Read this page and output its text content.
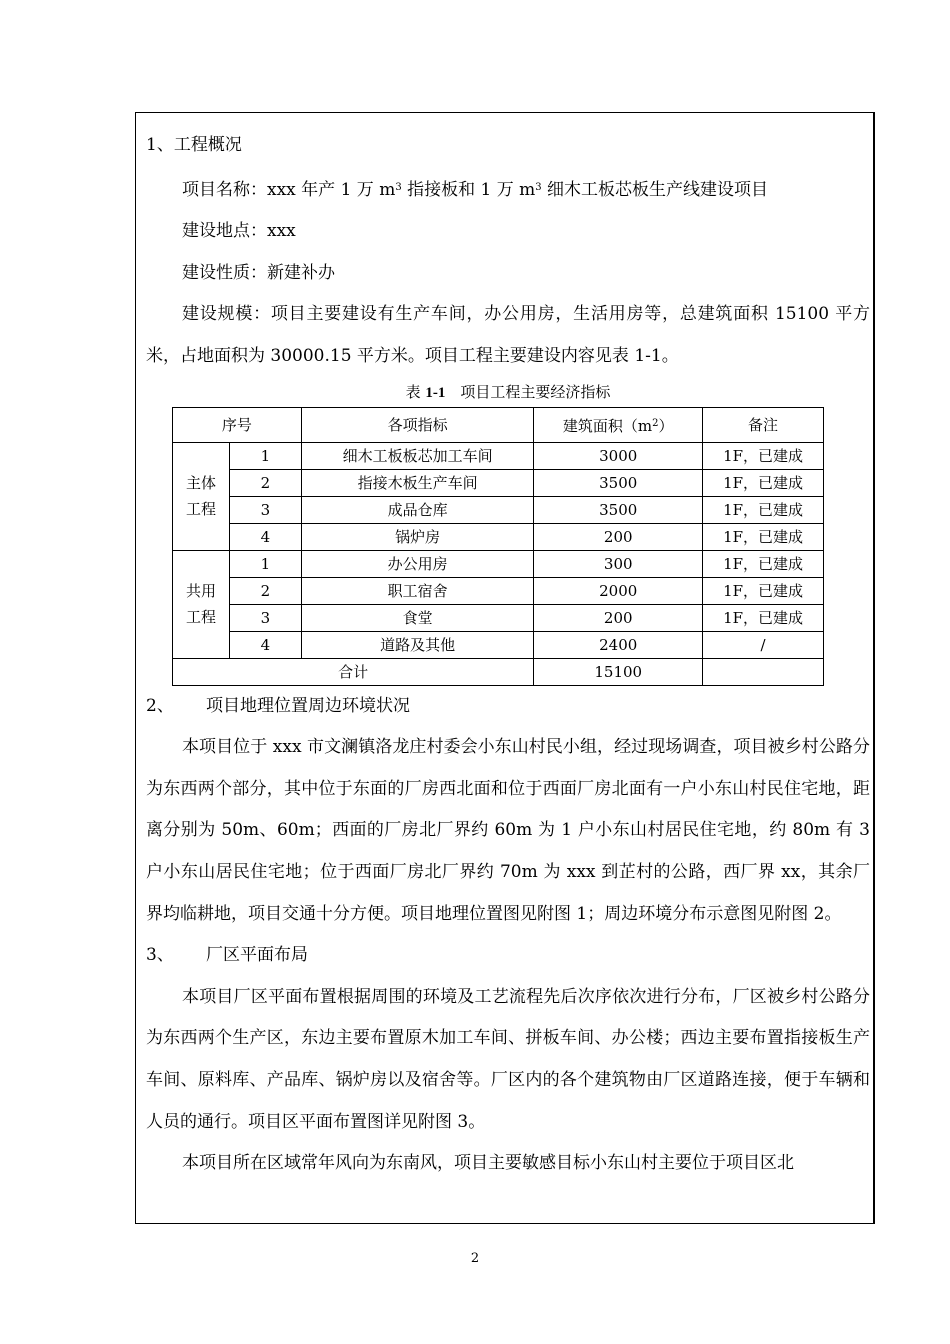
1、工程概况

项目名称：xxx 年产 1 万 $m^3$ 指接板和 1 万 $m^3$ 细木工板芯板生产线建设项目

建设地点：xxx

建设性质：新建补办

建设规模：项目主要建设有生产车间，办公用房，生活用房等，总建筑面积 15100 平方米，占地面积为 30000.15 平方米。项目工程主要建设内容见表 1-1。

表 1-1　项目工程主要经济指标
序号		各项指标	建筑面积$(m^2)$	备注
主体
工程	1	细木工板板芯加工车间	3000	1F，已建成
	2	指接木板生产车间	3500	1F，已建成
	3	成品仓库	3500	1F，已建成
	4	锅炉房	200	1F，已建成
共用
工程	1	办公用房	300	1F，已建成
	2	职工宿舍	2000	1F，已建成
	3	食堂	200	1F，已建成
	4	道路及其他	2400	/
合计			15100	

2、 项目地理位置周边环境状况

本项目位于 xxx 市文澜镇洛龙庄村委会小东山村民小组，经过现场调查，项目被乡村公路分为东西两个部分，其中位于东面的厂房西北面和位于西面厂房北面有一户小东山村民住宅地，距离分别为 50m、60m；西面的厂房北厂界约 60m 为 1 户小东山村居民住宅地，约 80m 有 3 户小东山居民住宅地；位于西面厂房北厂界约 70m 为 xxx 到芷村的公路，西厂界 xx，其余厂界均临耕地，项目交通十分方便。项目地理位置图见附图 1；周边环境分布示意图见附图 2。

3、 厂区平面布局

本项目厂区平面布置根据周围的环境及工艺流程先后次序依次进行分布，厂区被乡村公路分为东西两个生产区，东边主要布置原木加工车间、拼板车间、办公楼；西边主要布置指接板生产车间、原料库、产品库、锅炉房以及宿舍等。厂区内的各个建筑物由厂区道路连接，便于车辆和人员的通行。项目区平面布置图详见附图 3。

本项目所在区域常年风向为东南风，项目主要敏感目标小东山村主要位于项目区北

2
